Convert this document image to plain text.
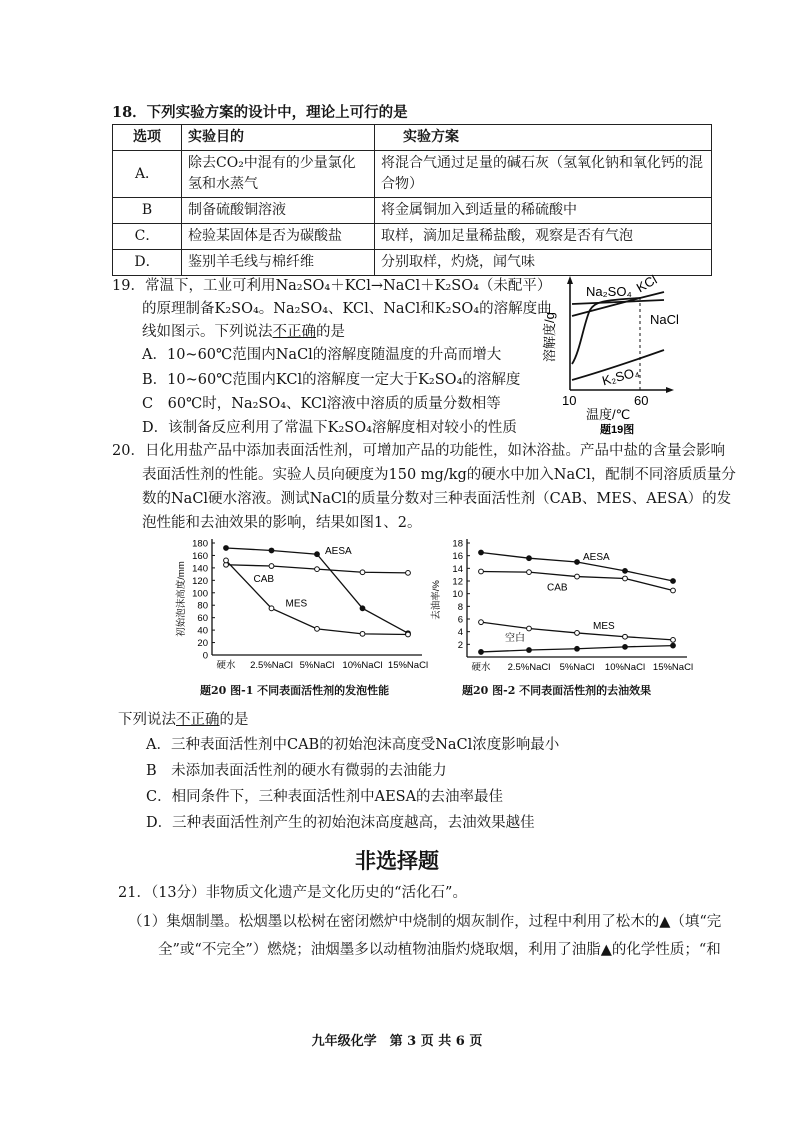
18．下列实验方案的设计中，理论上可行的是
选项	实验目的	实验方案
A．	除去CO₂中混有的少量氯化氢和水蒸气	将混合气通过足量的碱石灰（氢氧化钠和氧化钙的混合物）
B	制备硫酸铜溶液	将金属铜加入到适量的稀硫酸中
C．	检验某固体是否为碳酸盐	取样，滴加足量稀盐酸，观察是否有气泡
D．	鉴别羊毛线与棉纤维	分别取样，灼烧，闻气味
19．常温下，工业可利用Na₂SO₄＋KCl→NaCl＋K₂SO₄（未配平）
的原理制备K₂SO₄。Na₂SO₄、KCl、NaCl和K₂SO₄的溶解度曲
线如图示。下列说法不正确的是
A．10~60℃范围内NaCl的溶解度随温度的升高而增大
B．10~60℃范围内KCl的溶解度一定大于K₂SO₄的溶解度
C　60℃时，Na₂SO₄、KCl溶液中溶质的质量分数相等
D．该制备反应利用了常温下K₂SO₄溶解度相对较小的性质
Na₂SO₄ KCl
NaCl
K₂SO₄
溶解度/g
10	60
温度/℃
题19图
20．日化用盐产品中添加表面活性剂，可增加产品的功能性，如沐浴盐。产品中盐的含量会影响
表面活性剂的性能。实验人员向硬度为150 mg/kg的硬水中加入NaCl，配制不同溶质质量分
数的NaCl硬水溶液。测试NaCl的质量分数对三种表面活性剂（CAB、MES、AESA）的发
泡性能和去油效果的影响，结果如图1、2。
0
20
40
60
80
100
120
140
160
180
初始泡沫高度/mm
硬水 2.5%NaCl 5%NaCl 10%NaCl 15%NaCl
AESA
CAB
MES
题20 图-1 不同表面活性剂的发泡性能
2
4
6
8
10
12
14
16
18
去油率/%
硬水 2.5%NaCl 5%NaCl 10%NaCl 15%NaCl
AESA
CAB
MES
空白
题20 图-2 不同表面活性剂的去油效果
下列说法不正确的是
A．三种表面活性剂中CAB的初始泡沫高度受NaCl浓度影响最小
B　未添加表面活性剂的硬水有微弱的去油能力
C．相同条件下，三种表面活性剂中AESA的去油率最佳
D．三种表面活性剂产生的初始泡沫高度越高，去油效果越佳
非选择题
21．（13分）非物质文化遗产是文化历史的“活化石”。
（1）集烟制墨。松烟墨以松树在密闭燃炉中烧制的烟灰制作，过程中利用了松木的▲（填“完
全”或“不完全”）燃烧；油烟墨多以动植物油脂灼烧取烟，利用了油脂▲的化学性质；“和
九年级化学　第 3 页 共 6 页
